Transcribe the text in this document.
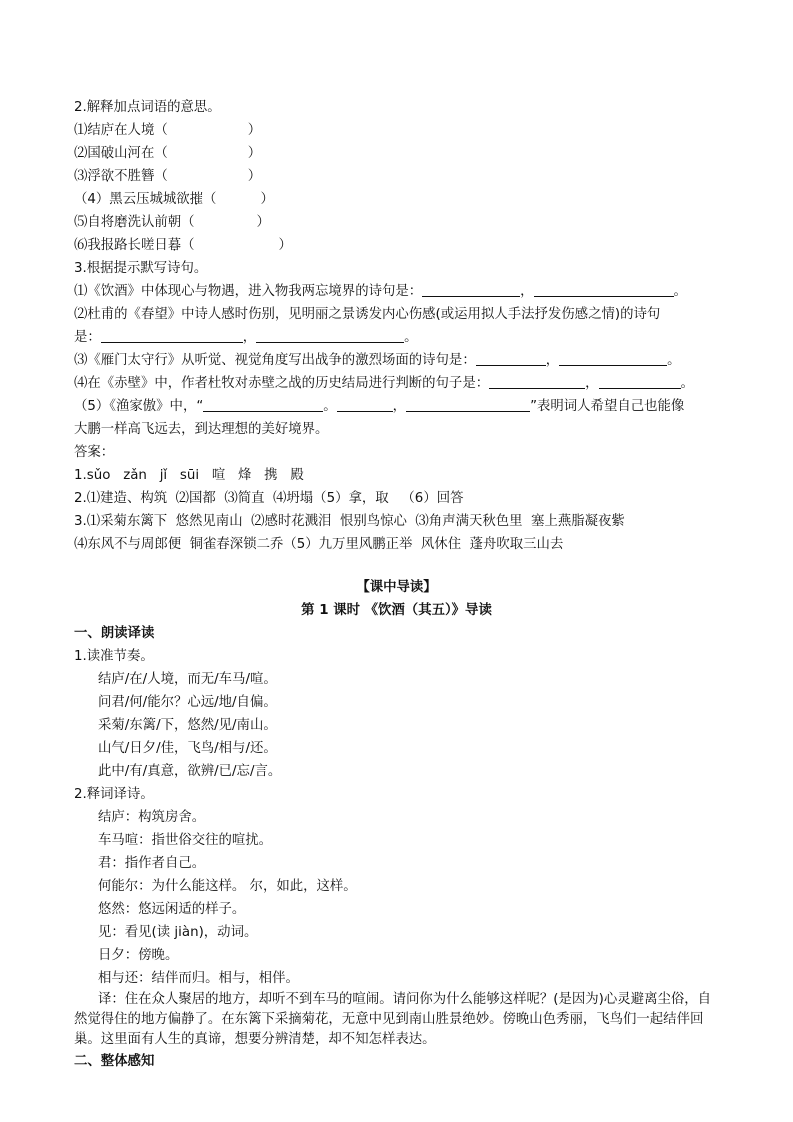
2.解释加点词语的意思。
⑴结庐在人境（	）
⑵国破山河在（	）
⑶浮欲不胜簪（	）
（4）黑云压城城欲摧（	）
⑸自将磨洗认前朝（	）
⑹我报路长嗟日暮（	）
3.根据提示默写诗句。
⑴《饮酒》中体现心与物遇，进入物我两忘境界的诗句是：	，	。
⑵杜甫的《春望》中诗人感时伤别，见明丽之景诱发内心伤感(或运用拟人手法抒发伤感之情)的诗句
是：	，	。
⑶《雁门太守行》从听觉、视觉角度写出战争的激烈场面的诗句是：	，	。
⑷在《赤壁》中，作者杜牧对赤壁之战的历史结局进行判断的句子是：	，	。
（5）《渔家傲》中，“	。	，	”表明词人希望自己也能像
大鹏一样高飞远去，到达理想的美好境界。
答案：
1.sǔo   zǎn   jǐ   sūi   喧   烽   携   殿
2.⑴建造、构筑  ⑵国都  ⑶简直  ⑷坍塌（5）拿，取   （6）回答
3.⑴采菊东篱下  悠然见南山  ⑵感时花溅泪  恨别鸟惊心  ⑶角声满天秋色里  塞上燕脂凝夜紫
⑷东风不与周郎便  铜雀春深锁二乔（5）九万里风鹏正举  风休住  蓬舟吹取三山去
【课中导读】
第 1 课时 《饮酒（其五）》导读
一、朗读译读
1.读准节奏。
结庐/在/人境，而无/车马/喧。
问君/何/能尔？心远/地/自偏。
采菊/东篱/下，悠然/见/南山。
山气/日夕/佳，飞鸟/相与/还。
此中/有/真意，欲辨/已/忘/言。
2.释词译诗。
结庐：构筑房舍。
车马喧：指世俗交往的喧扰。
君：指作者自己。
何能尔：为什么能这样。 尔，如此，这样。
悠然：悠远闲适的样子。
见：看见(读 jiàn)，动词。
日夕：傍晚。
相与还：结伴而归。相与，相伴。
译：住在众人聚居的地方，却听不到车马的喧闹。请问你为什么能够这样呢？(是因为)心灵避离尘俗，自然觉得住的地方偏静了。在东篱下采摘菊花，无意中见到南山胜景绝妙。傍晚山色秀丽，飞鸟们一起结伴回巢。这里面有人生的真谛，想要分辨清楚，却不知怎样表达。
二、整体感知
